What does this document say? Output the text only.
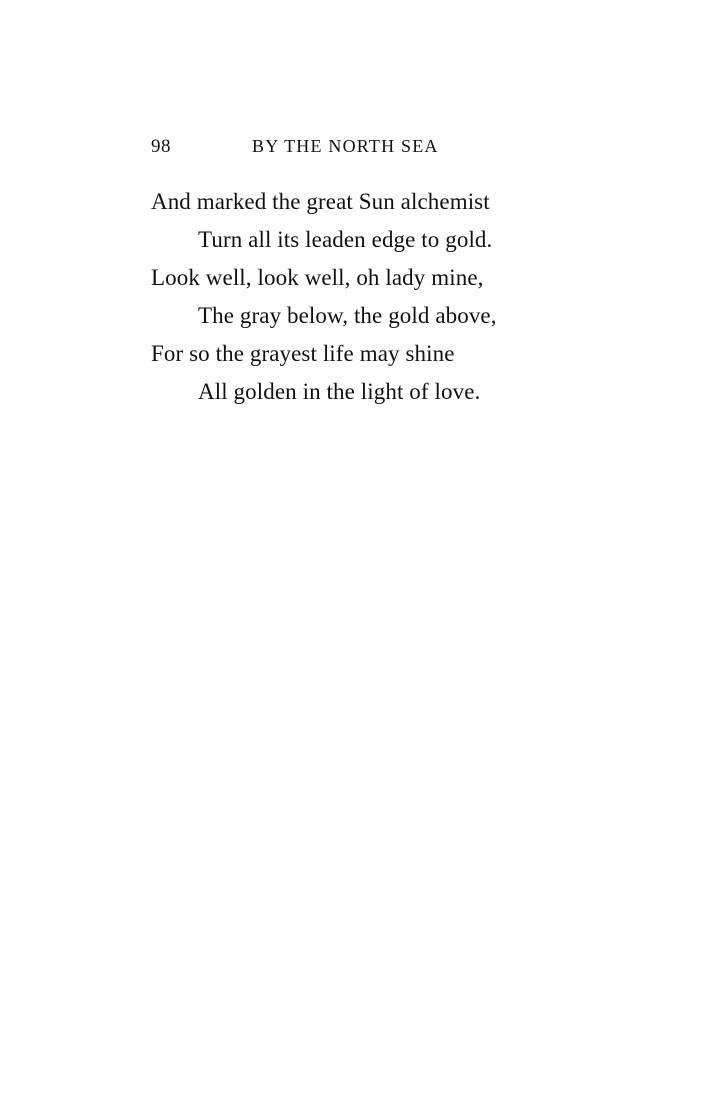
98	BY THE NORTH SEA
And marked the great Sun alchemist
Turn all its leaden edge to gold.
Look well, look well, oh lady mine,
The gray below, the gold above,
For so the grayest life may shine
All golden in the light of love.
